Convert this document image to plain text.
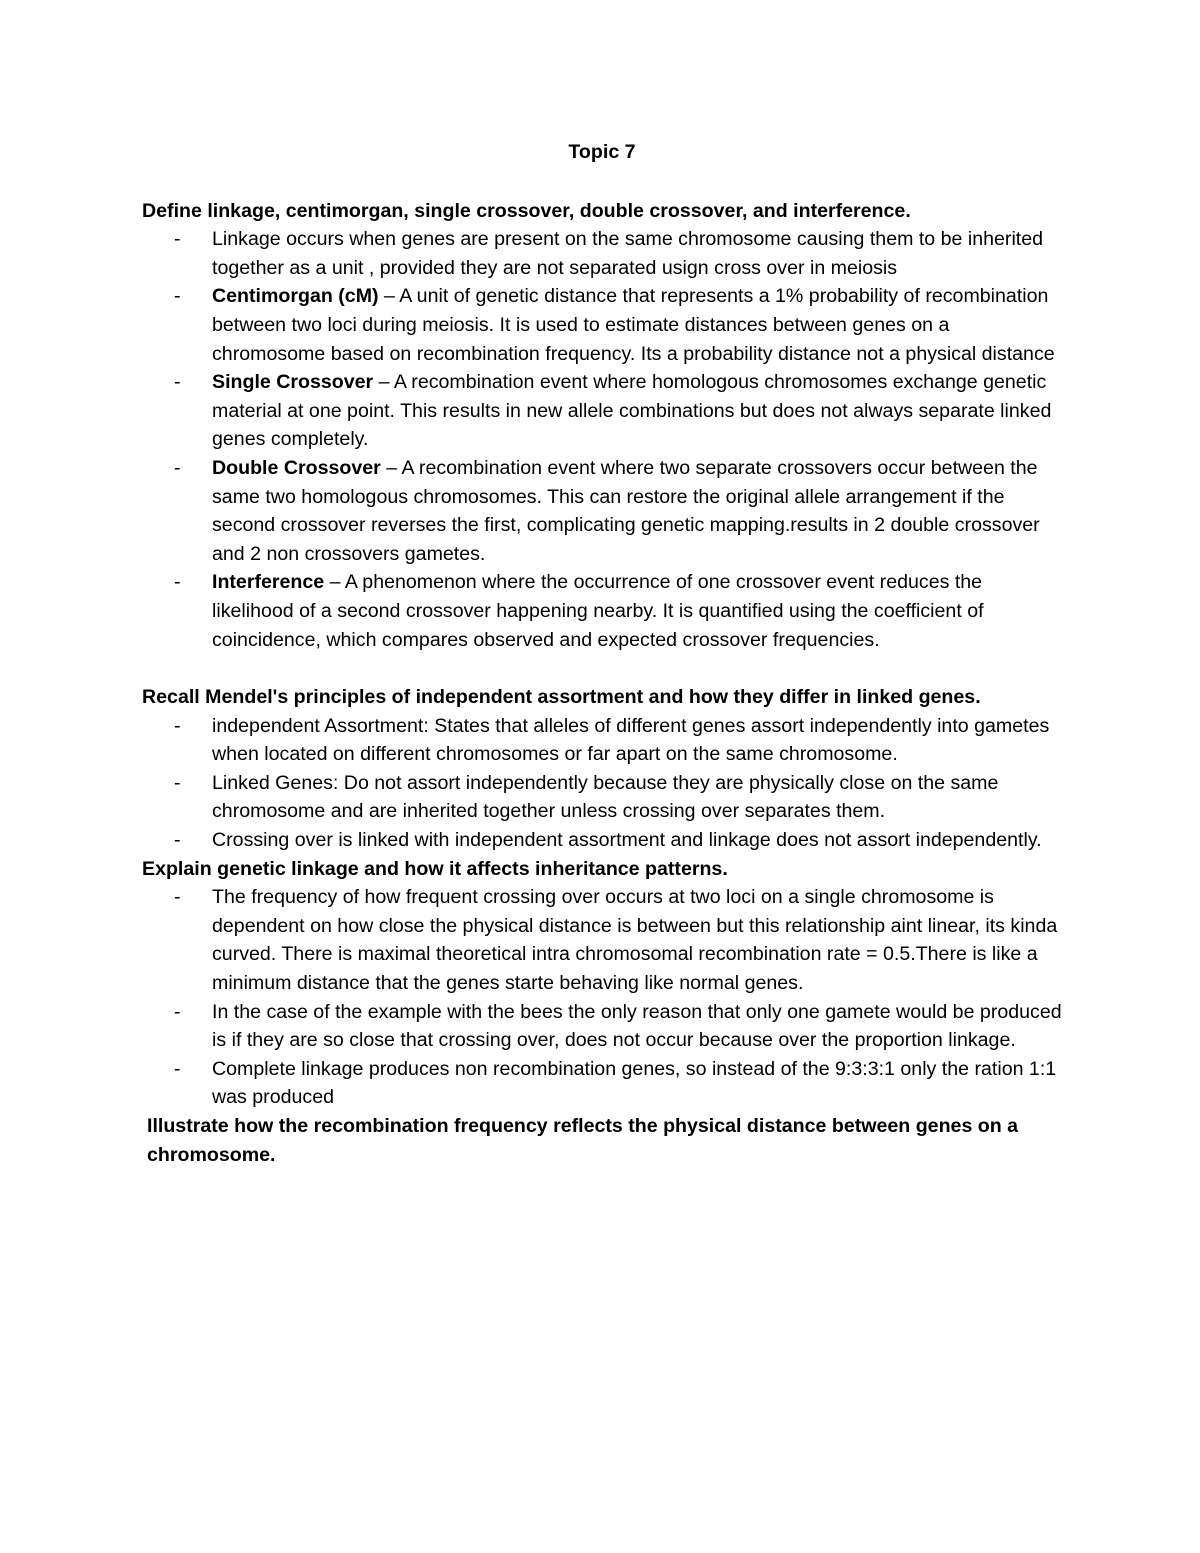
Topic 7
Define linkage, centimorgan, single crossover, double crossover, and interference.
- Linkage occurs when genes are present on the same chromosome causing them to be inherited together as a unit , provided they are not separated usign cross over in meiosis
- Centimorgan (cM) – A unit of genetic distance that represents a 1% probability of recombination between two loci during meiosis. It is used to estimate distances between genes on a chromosome based on recombination frequency. Its a probability distance not a physical distance
- Single Crossover – A recombination event where homologous chromosomes exchange genetic material at one point. This results in new allele combinations but does not always separate linked genes completely.
- Double Crossover – A recombination event where two separate crossovers occur between the same two homologous chromosomes. This can restore the original allele arrangement if the second crossover reverses the first, complicating genetic mapping.results in 2 double crossover and 2 non crossovers gametes.
- Interference – A phenomenon where the occurrence of one crossover event reduces the likelihood of a second crossover happening nearby. It is quantified using the coefficient of coincidence, which compares observed and expected crossover frequencies.
Recall Mendel's principles of independent assortment and how they differ in linked genes.
- independent Assortment: States that alleles of different genes assort independently into gametes when located on different chromosomes or far apart on the same chromosome.
- Linked Genes: Do not assort independently because they are physically close on the same chromosome and are inherited together unless crossing over separates them.
- Crossing over is linked with independent assortment and linkage does not assort independently.
Explain genetic linkage and how it affects inheritance patterns.
- The frequency of how frequent crossing over occurs at two loci on a single chromosome is dependent on how close the physical distance is between but this relationship aint linear, its kinda curved. There is maximal theoretical intra chromosomal recombination rate = 0.5.There is like a minimum distance that the genes starte behaving like normal genes.
- In the case of the example with the bees the only reason that only one gamete would be produced is if they are so close that crossing over, does not occur because over the proportion linkage.
- Complete linkage produces non recombination genes, so instead of the 9:3:3:1 only the ration 1:1 was produced
Illustrate how the recombination frequency reflects the physical distance between genes on a chromosome.
